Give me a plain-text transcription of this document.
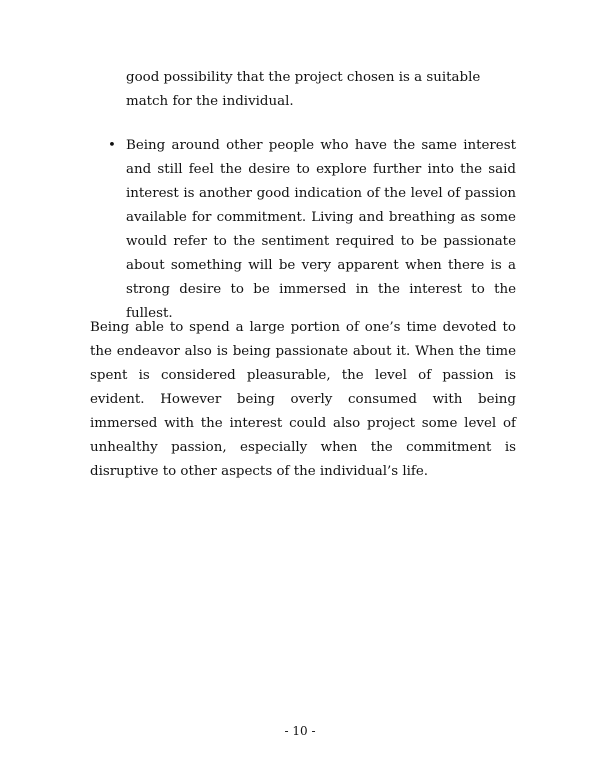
good possibility that the project chosen is a suitable match for the individual.

• Being around other people who have the same interest and still feel the desire to explore further into the said interest is another good indication of the level of passion available for commitment. Living and breathing as some would refer to the sentiment required to be passionate about something will be very apparent when there is a strong desire to be immersed in the interest to the fullest.

Being able to spend a large portion of one’s time devoted to the endeavor also is being passionate about it. When the time spent is considered pleasurable, the level of passion is evident. However being overly consumed with being immersed with the interest could also project some level of unhealthy passion, especially when the commitment is disruptive to other aspects of the individual’s life.

- 10 -
